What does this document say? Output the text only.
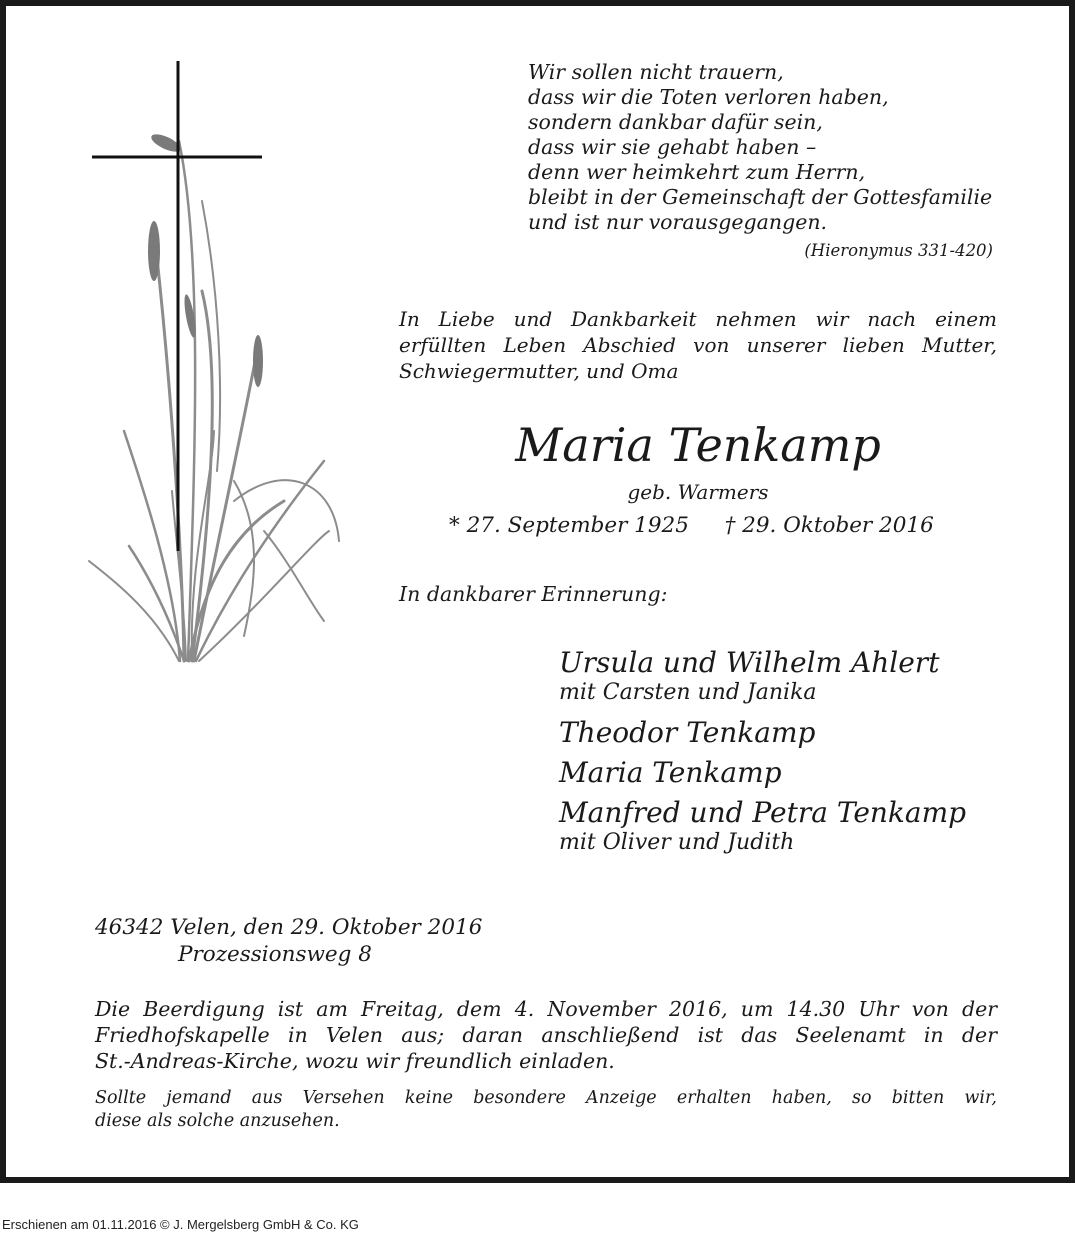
Wir sollen nicht trauern,
dass wir die Toten verloren haben,
sondern dankbar dafür sein,
dass wir sie gehabt haben –
denn wer heimkehrt zum Herrn,
bleibt in der Gemeinschaft der Gottesfamilie
und ist nur vorausgegangen.
(Hieronymus 331-420)
In Liebe und Dankbarkeit nehmen wir nach einem
erfüllten Leben Abschied von unserer lieben Mutter,
Schwiegermutter, und Oma
Maria Tenkamp
geb. Warmers
* 27. September 1925 † 29. Oktober 2016
In dankbarer Erinnerung:
Ursula und Wilhelm Ahlert
mit Carsten und Janika
Theodor Tenkamp
Maria Tenkamp
Manfred und Petra Tenkamp
mit Oliver und Judith
46342 Velen, den 29. Oktober 2016
Prozessionsweg 8
Die Beerdigung ist am Freitag, dem 4. November 2016, um 14.30 Uhr von der
Friedhofskapelle in Velen aus; daran anschließend ist das Seelenamt in der
St.-Andreas-Kirche, wozu wir freundlich einladen.
Sollte jemand aus Versehen keine besondere Anzeige erhalten haben, so bitten wir,
diese als solche anzusehen.
Erschienen am 01.11.2016 © J. Mergelsberg GmbH & Co. KG
